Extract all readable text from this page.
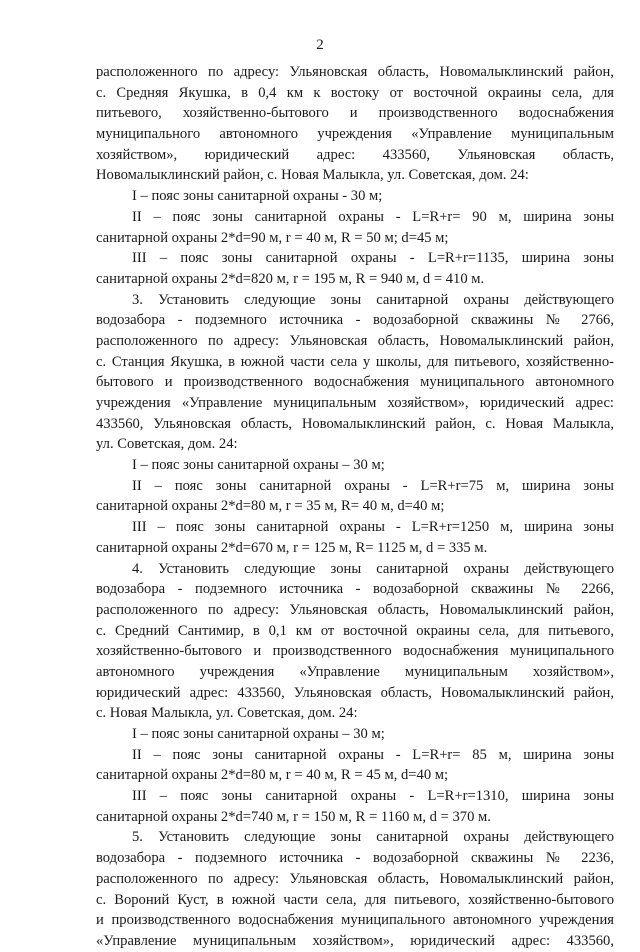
2
расположенного по адресу: Ульяновская область, Новомалыклинский район,
с. Средняя Якушка, в 0,4 км к востоку от восточной окраины села, для
питьевого, хозяйственно-бытового и производственного водоснабжения
муниципального автономного учреждения «Управление муниципальным
хозяйством», юридический адрес: 433560, Ульяновская область,
Новомалыклинский район, с. Новая Малыкла, ул. Советская, дом. 24:
I – пояс зоны санитарной охраны - 30 м;
II – пояс зоны санитарной охраны - L=R+r= 90 м, ширина зоны
санитарной охраны 2*d=90 м, r = 40 м, R = 50 м; d=45 м;
III – пояс зоны санитарной охраны - L=R+r=1135, ширина зоны
санитарной охраны 2*d=820 м, r = 195 м, R = 940 м, d = 410 м.
3. Установить следующие зоны санитарной охраны действующего
водозабора - подземного источника - водозаборной скважины № 2766,
расположенного по адресу: Ульяновская область, Новомалыклинский район,
с. Станция Якушка, в южной части села у школы, для питьевого, хозяйственно-
бытового и производственного водоснабжения муниципального автономного
учреждения «Управление муниципальным хозяйством», юридический адрес:
433560, Ульяновская область, Новомалыклинский район, с. Новая Малыкла,
ул. Советская, дом. 24:
I – пояс зоны санитарной охраны – 30 м;
II – пояс зоны санитарной охраны - L=R+r=75 м, ширина зоны
санитарной охраны 2*d=80 м, r = 35 м, R= 40 м, d=40 м;
III – пояс зоны санитарной охраны - L=R+r=1250 м, ширина зоны
санитарной охраны 2*d=670 м, r = 125 м, R= 1125 м, d = 335 м.
4. Установить следующие зоны санитарной охраны действующего
водозабора - подземного источника - водозаборной скважины № 2266,
расположенного по адресу: Ульяновская область, Новомалыклинский район,
с. Средний Сантимир, в 0,1 км от восточной окраины села, для питьевого,
хозяйственно-бытового и производственного водоснабжения муниципального
автономного учреждения «Управление муниципальным хозяйством»,
юридический адрес: 433560, Ульяновская область, Новомалыклинский район,
с. Новая Малыкла, ул. Советская, дом. 24:
I – пояс зоны санитарной охраны – 30 м;
II – пояс зоны санитарной охраны - L=R+r= 85 м, ширина зоны
санитарной охраны 2*d=80 м, r = 40 м, R = 45 м, d=40 м;
III – пояс зоны санитарной охраны - L=R+r=1310, ширина зоны
санитарной охраны 2*d=740 м, r = 150 м, R = 1160 м, d = 370 м.
5. Установить следующие зоны санитарной охраны действующего
водозабора - подземного источника - водозаборной скважины № 2236,
расположенного по адресу: Ульяновская область, Новомалыклинский район,
с. Вороний Куст, в южной части села, для питьевого, хозяйственно-бытового
и производственного водоснабжения муниципального автономного учреждения
«Управление муниципальным хозяйством», юридический адрес: 433560,
